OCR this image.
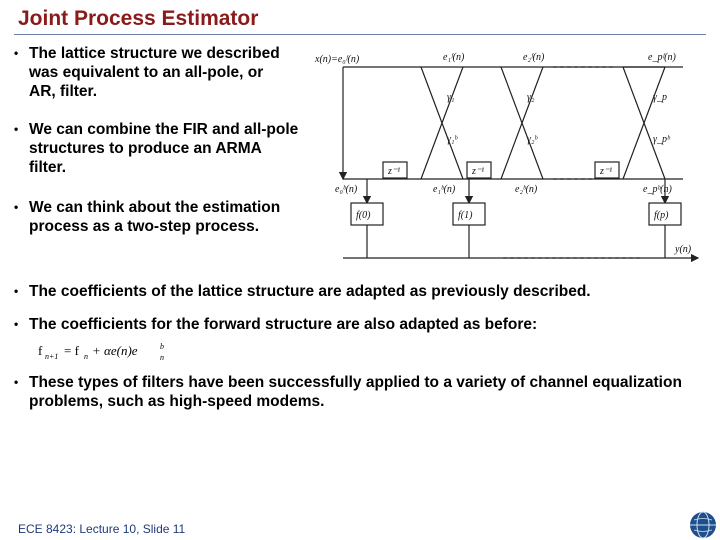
Joint Process Estimator
• The lattice structure we described was equivalent to an all-pole, or AR, filter.
• We can combine the FIR and all-pole structures to produce an ARMA filter.
• We can think about the estimation process as a two-step process.
• The coefficients of the lattice structure are adapted as previously described.
• The coefficients for the forward structure are also adapted as before:
• These types of filters have been successfully applied to a variety of channel equalization problems, such as high-speed modems.
f n+1 = f n + αe(n)e	b
n
x(n)=e₀ᶠ(n)	e₁ᶠ(n)	e₂ᶠ(n)	e_pᶠ(n)
γ₁	γ₂	γ_p
γ₁ᵇ	γ₂ᵇ	γ_pᵇ
z⁻¹	z⁻¹	z⁻¹
e₀ᵇ(n)	e₁ᵇ(n)	e₂ᵇ(n)	e_pᵇ(n)
f(0)	f(1)	f(p)
y(n)
ECE 8423: Lecture 10, Slide 11
